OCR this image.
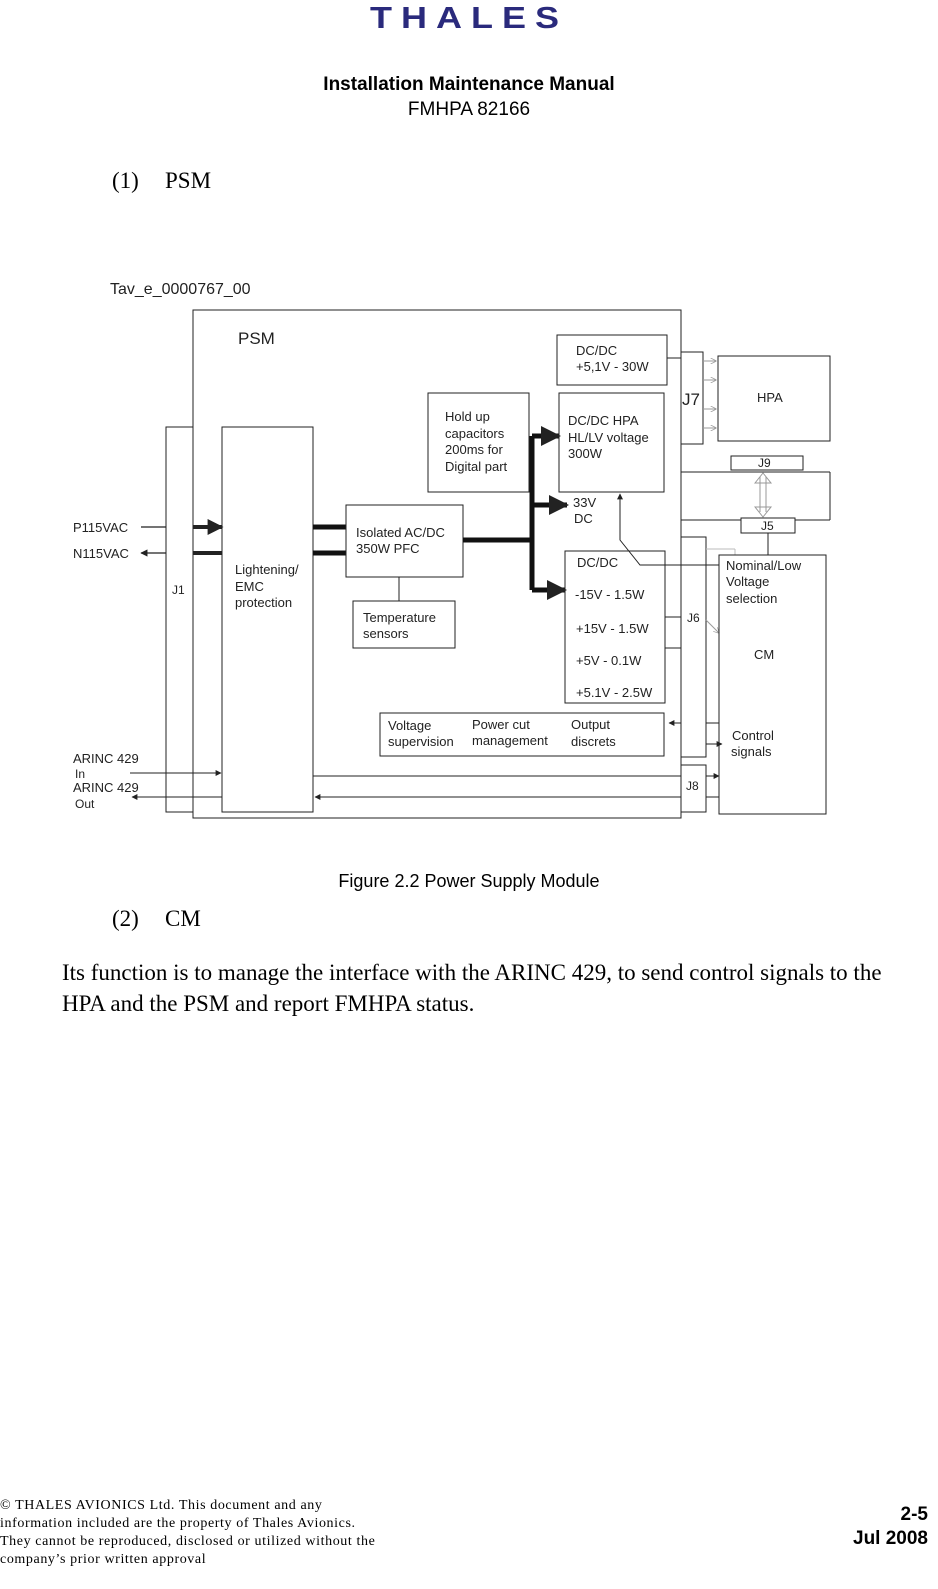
THALES
Installation Maintenance Manual
FMHPA 82166
(1) PSM
Tav_e_0000767_00
PSM
J1
Lightening/
EMC
protection
P115VAC
N115VAC
Isolated AC/DC
350W PFC
Temperature
sensors
Hold up
capacitors
200ms for
Digital part
DC/DC
+5,1V - 30W
DC/DC HPA
HL/LV voltage
300W
33V
DC
DC/DC
-15V - 1.5W
+15V - 1.5W
+5V - 0.1W
+5.1V - 2.5W
Voltage
supervision
Power cut
management
Output
discrets
J7	HPA
J9
J5
J6
Nominal/Low
Voltage
selection
CM
Control
signals
J8
ARINC 429
In
ARINC 429
Out
Figure 2.2 Power Supply Module
(2) CM
Its function is to manage the interface with the ARINC 429, to send control signals to the HPA and the PSM and report FMHPA status.
© THALES AVIONICS Ltd. This document and any
information included are the property of Thales Avionics.
They cannot be reproduced, disclosed or utilized without the
company’s prior written approval
2-5
Jul 2008
